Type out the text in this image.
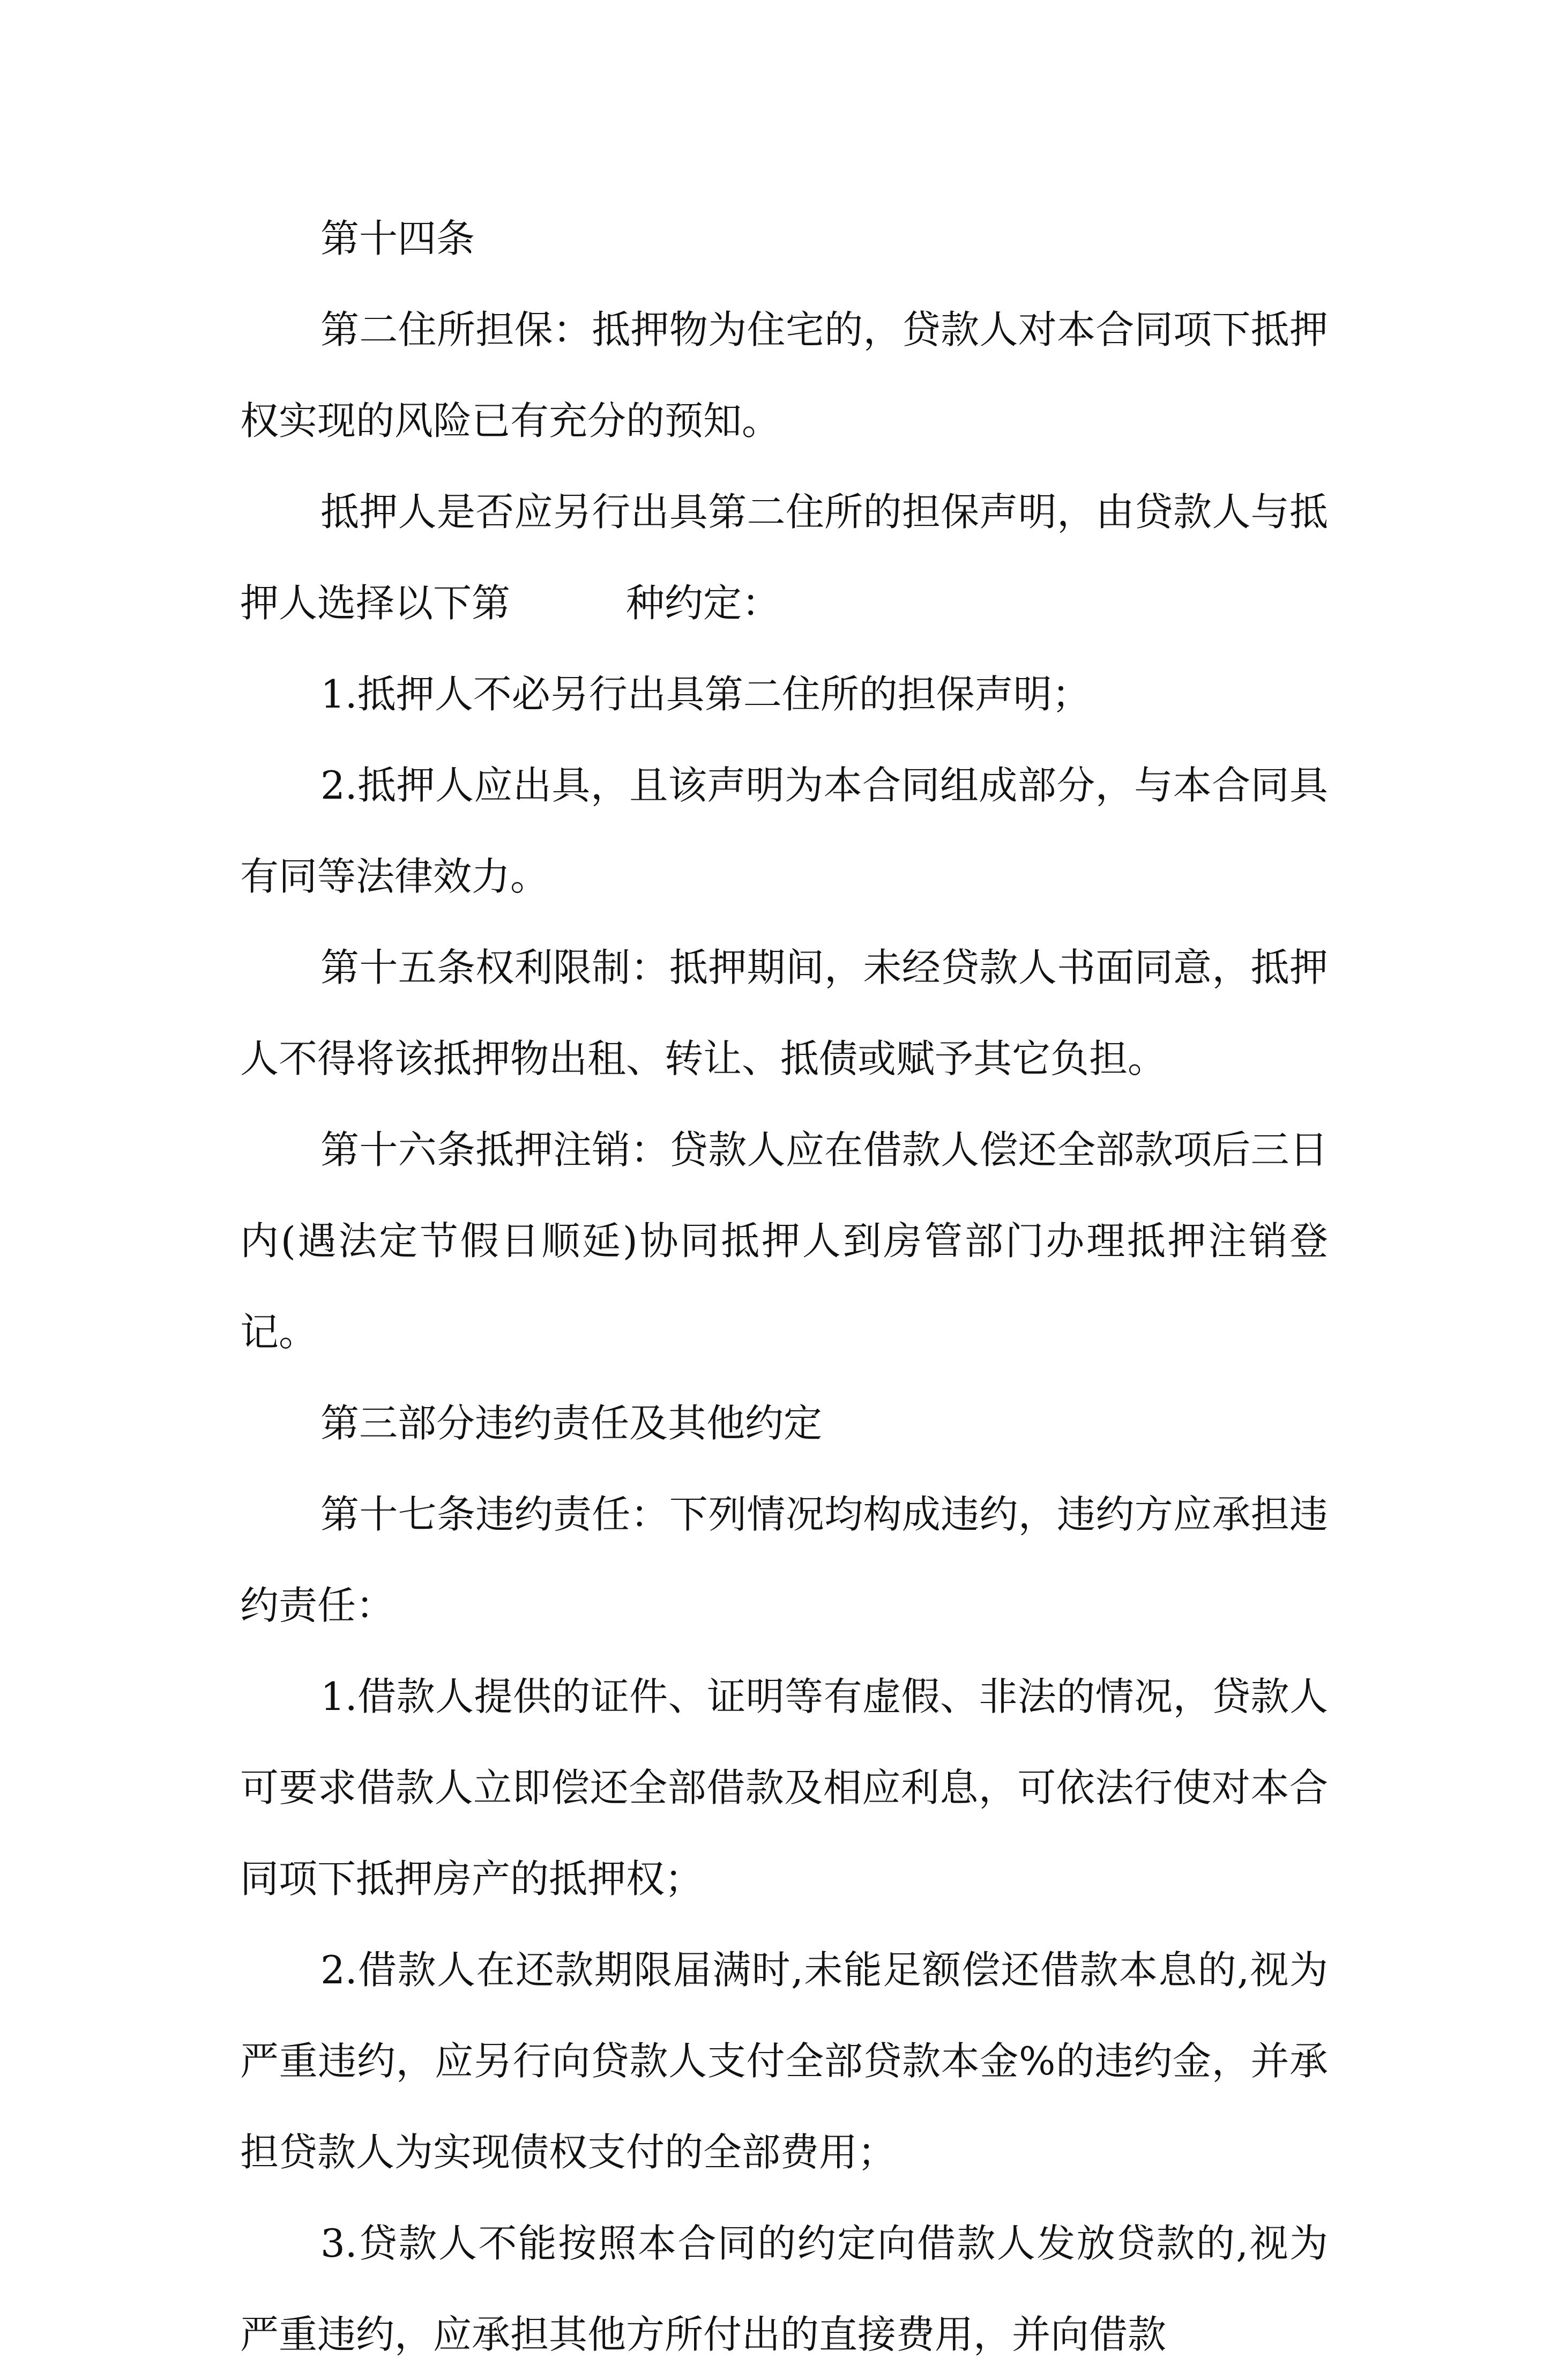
第十四条

第二住所担保：抵押物为住宅的，贷款人对本合同项下抵押权实现的风险已有充分的预知。

抵押人是否应另行出具第二住所的担保声明，由贷款人与抵押人选择以下第　　　种约定：

1.抵押人不必另行出具第二住所的担保声明；

2.抵押人应出具，且该声明为本合同组成部分，与本合同具有同等法律效力。

第十五条权利限制：抵押期间，未经贷款人书面同意，抵押人不得将该抵押物出租、转让、抵债或赋予其它负担。

第十六条抵押注销：贷款人应在借款人偿还全部款项后三日内(遇法定节假日顺延)协同抵押人到房管部门办理抵押注销登记。

第三部分违约责任及其他约定

第十七条违约责任：下列情况均构成违约，违约方应承担违约责任：

1.借款人提供的证件、证明等有虚假、非法的情况，贷款人可要求借款人立即偿还全部借款及相应利息，可依法行使对本合同项下抵押房产的抵押权；

2.借款人在还款期限届满时,未能足额偿还借款本息的,视为严重违约，应另行向贷款人支付全部贷款本金%的违约金，并承担贷款人为实现债权支付的全部费用；

3.贷款人不能按照本合同的约定向借款人发放贷款的,视为严重违约，应承担其他方所付出的直接费用，并向借款
